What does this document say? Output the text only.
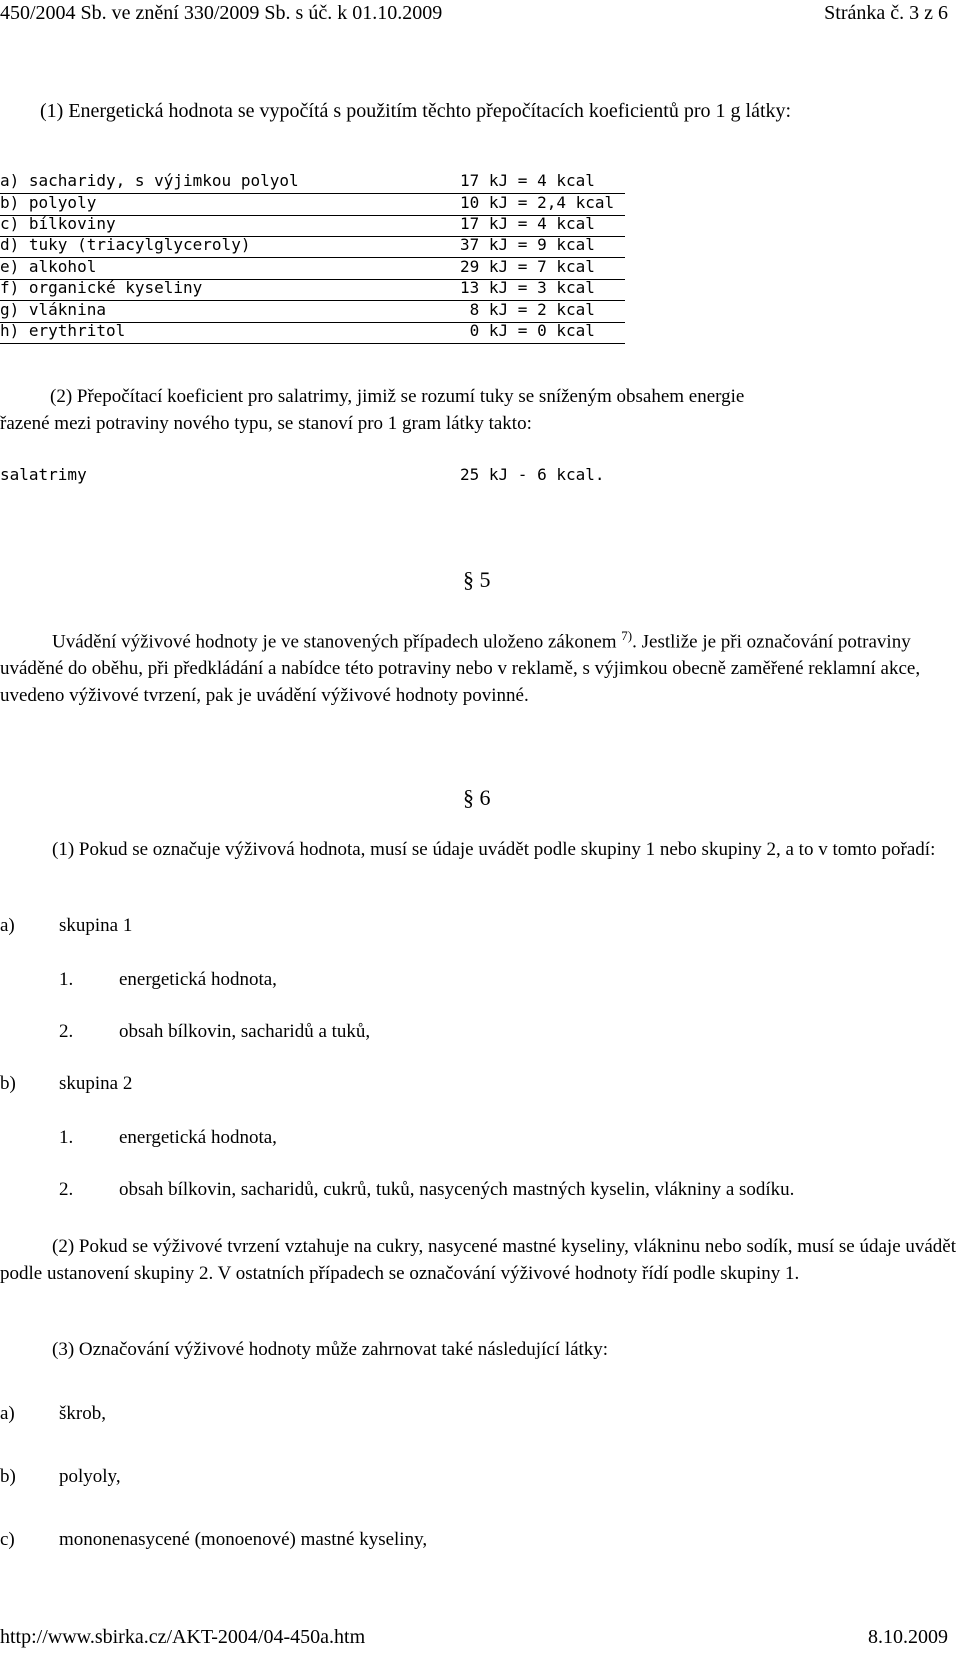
450/2004 Sb. ve znění 330/2009 Sb. s úč. k 01.10.2009	Stránka č. 3 z 6
(1) Energetická hodnota se vypočítá s použitím těchto přepočítacích koeficientů pro 1 g látky:
a) sacharidy, s výjimkou polyol	17 kJ = 4 kcal
b) polyoly	10 kJ = 2,4 kcal
c) bílkoviny	17 kJ = 4 kcal
d) tuky (triacylglyceroly)	37 kJ = 9 kcal
e) alkohol	29 kJ = 7 kcal
f) organické kyseliny	13 kJ = 3 kcal
g) vláknina	8 kJ = 2 kcal
h) erythritol	0 kJ = 0 kcal
(2) Přepočítací koeficient pro salatrimy, jimiž se rozumí tuky se sníženým obsahem energie
řazené mezi potraviny nového typu, se stanoví pro 1 gram látky takto:
salatrimy	25 kJ - 6 kcal.
§ 5
Uvádění výživové hodnoty je ve stanovených případech uloženo zákonem $^{7)}$. Jestliže je při označování potraviny uváděné do oběhu, při předkládání a nabídce této potraviny nebo v reklamě, s výjimkou obecně zaměřené reklamní akce, uvedeno výživové tvrzení, pak je uvádění výživové hodnoty povinné.
§ 6
(1) Pokud se označuje výživová hodnota, musí se údaje uvádět podle skupiny 1 nebo skupiny 2, a to v tomto pořadí:
a) skupina 1
1. energetická hodnota,
2. obsah bílkovin, sacharidů a tuků,
b) skupina 2
1. energetická hodnota,
2. obsah bílkovin, sacharidů, cukrů, tuků, nasycených mastných kyselin, vlákniny a sodíku.
(2) Pokud se výživové tvrzení vztahuje na cukry, nasycené mastné kyseliny, vlákninu nebo sodík, musí se údaje uvádět podle ustanovení skupiny 2. V ostatních případech se označování výživové hodnoty řídí podle skupiny 1.
(3) Označování výživové hodnoty může zahrnovat také následující látky:
a) škrob,
b) polyoly,
c) mononenasycené (monoenové) mastné kyseliny,
http://www.sbirka.cz/AKT-2004/04-450a.htm	8.10.2009
